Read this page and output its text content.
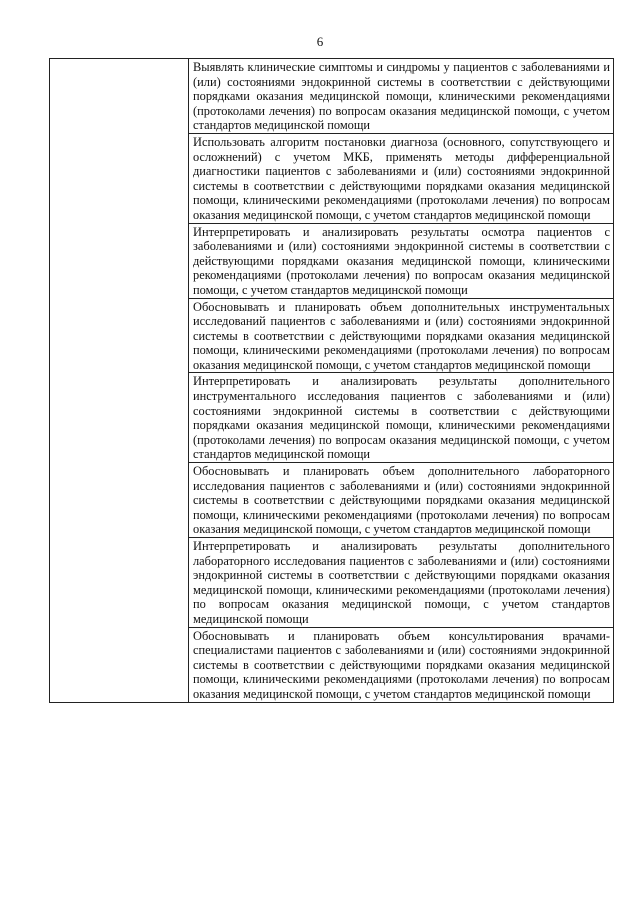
6

Выявлять клинические симптомы и синдромы у пациентов с заболеваниями и (или) состояниями эндокринной системы в соответствии с действующими порядками оказания медицинской помощи, клиническими рекомендациями (протоколами лечения) по вопросам оказания медицинской помощи, с учетом стандартов медицинской помощи

Использовать алгоритм постановки диагноза (основного, сопутствующего и осложнений) с учетом МКБ, применять методы дифференциальной диагностики пациентов с заболеваниями и (или) состояниями эндокринной системы в соответствии с действующими порядками оказания медицинской помощи, клиническими рекомендациями (протоколами лечения) по вопросам оказания медицинской помощи, с учетом стандартов медицинской помощи

Интерпретировать и анализировать результаты осмотра пациентов с заболеваниями и (или) состояниями эндокринной системы в соответствии с действующими порядками оказания медицинской помощи, клиническими рекомендациями (протоколами лечения) по вопросам оказания медицинской помощи, с учетом стандартов медицинской помощи

Обосновывать и планировать объем дополнительных инструментальных исследований пациентов с заболеваниями и (или) состояниями эндокринной системы в соответствии с действующими порядками оказания медицинской помощи, клиническими рекомендациями (протоколами лечения) по вопросам оказания медицинской помощи, с учетом стандартов медицинской помощи

Интерпретировать и анализировать результаты дополнительного инструментального исследования пациентов с заболеваниями и (или) состояниями эндокринной системы в соответствии с действующими порядками оказания медицинской помощи, клиническими рекомендациями (протоколами лечения) по вопросам оказания медицинской помощи, с учетом стандартов медицинской помощи

Обосновывать и планировать объем дополнительного лабораторного исследования пациентов с заболеваниями и (или) состояниями эндокринной системы в соответствии с действующими порядками оказания медицинской помощи, клиническими рекомендациями (протоколами лечения) по вопросам оказания медицинской помощи, с учетом стандартов медицинской помощи

Интерпретировать и анализировать результаты дополнительного лабораторного исследования пациентов с заболеваниями и (или) состояниями эндокринной системы в соответствии с действующими порядками оказания медицинской помощи, клиническими рекомендациями (протоколами лечения) по вопросам оказания медицинской помощи, с учетом стандартов медицинской помощи

Обосновывать и планировать объем консультирования врачами-специалистами пациентов с заболеваниями и (или) состояниями эндокринной системы в соответствии с действующими порядками оказания медицинской помощи, клиническими рекомендациями (протоколами лечения) по вопросам оказания медицинской помощи, с учетом стандартов медицинской помощи
